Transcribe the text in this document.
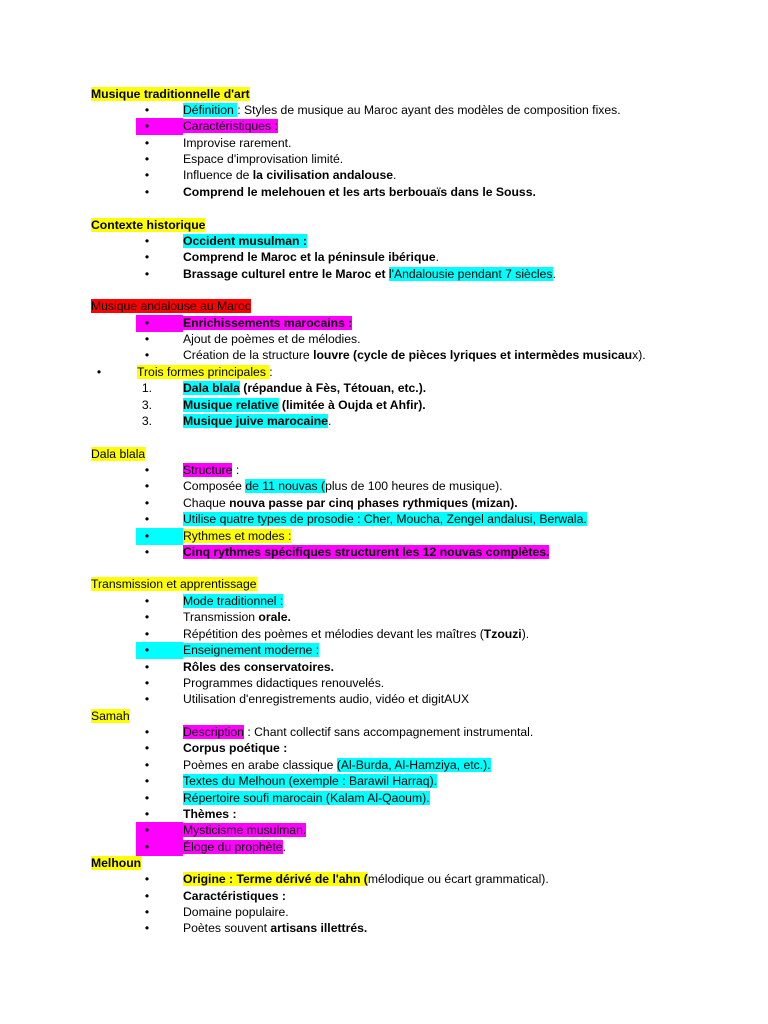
Musique traditionnelle d'art
•	Définition : Styles de musique au Maroc ayant des modèles de composition fixes.
•	Caractéristiques :
•	Improvise rarement.
•	Espace d'improvisation limité.
•	Influence de la civilisation andalouse.
•	Comprend le melehouen et les arts berbouaïs dans le Souss.
Contexte historique
•	Occident musulman :
•	Comprend le Maroc et la péninsule ibérique.
•	Brassage culturel entre le Maroc et l'Andalousie pendant 7 siècles.
Musique andalouse au Maroc
•	Enrichissements marocains :
•	Ajout de poèmes et de mélodies.
•	Création de la structure louvre (cycle de pièces lyriques et intermèdes musicaux).
•	Trois formes principales :
1.	Dala blala (répandue à Fès, Tétouan, etc.).
3.	Musique relative (limitée à Oujda et Ahfir).
3.	Musique juive marocaine.
Dala blala
•	Structure :
•	Composée de 11 nouvas (plus de 100 heures de musique).
•	Chaque nouva passe par cinq phases rythmiques (mizan).
•	Utilise quatre types de prosodie : Cher, Moucha, Zengel andalusi, Berwala.
•	Rythmes et modes :
•	Cinq rythmes spécifiques structurent les 12 nouvas complètes.
Transmission et apprentissage
•	Mode traditionnel :
•	Transmission orale.
•	Répétition des poèmes et mélodies devant les maîtres (Tzouzi).
•	Enseignement moderne :
•	Rôles des conservatoires.
•	Programmes didactiques renouvelés.
•	Utilisation d'enregistrements audio, vidéo et digitAUX
Samah
•	Description : Chant collectif sans accompagnement instrumental.
•	Corpus poétique :
•	Poèmes en arabe classique (Al-Burda, Al-Hamziya, etc.).
•	Textes du Melhoun (exemple : Barawil Harraq).
•	Répertoire soufi marocain (Kalam Al-Qaoum).
•	Thèmes :
•	Mysticisme musulman.
•	Éloge du prophète.
Melhoun
•	Origine : Terme dérivé de l'ahn (mélodique ou écart grammatical).
•	Caractéristiques :
•	Domaine populaire.
•	Poètes souvent artisans illettrés.
